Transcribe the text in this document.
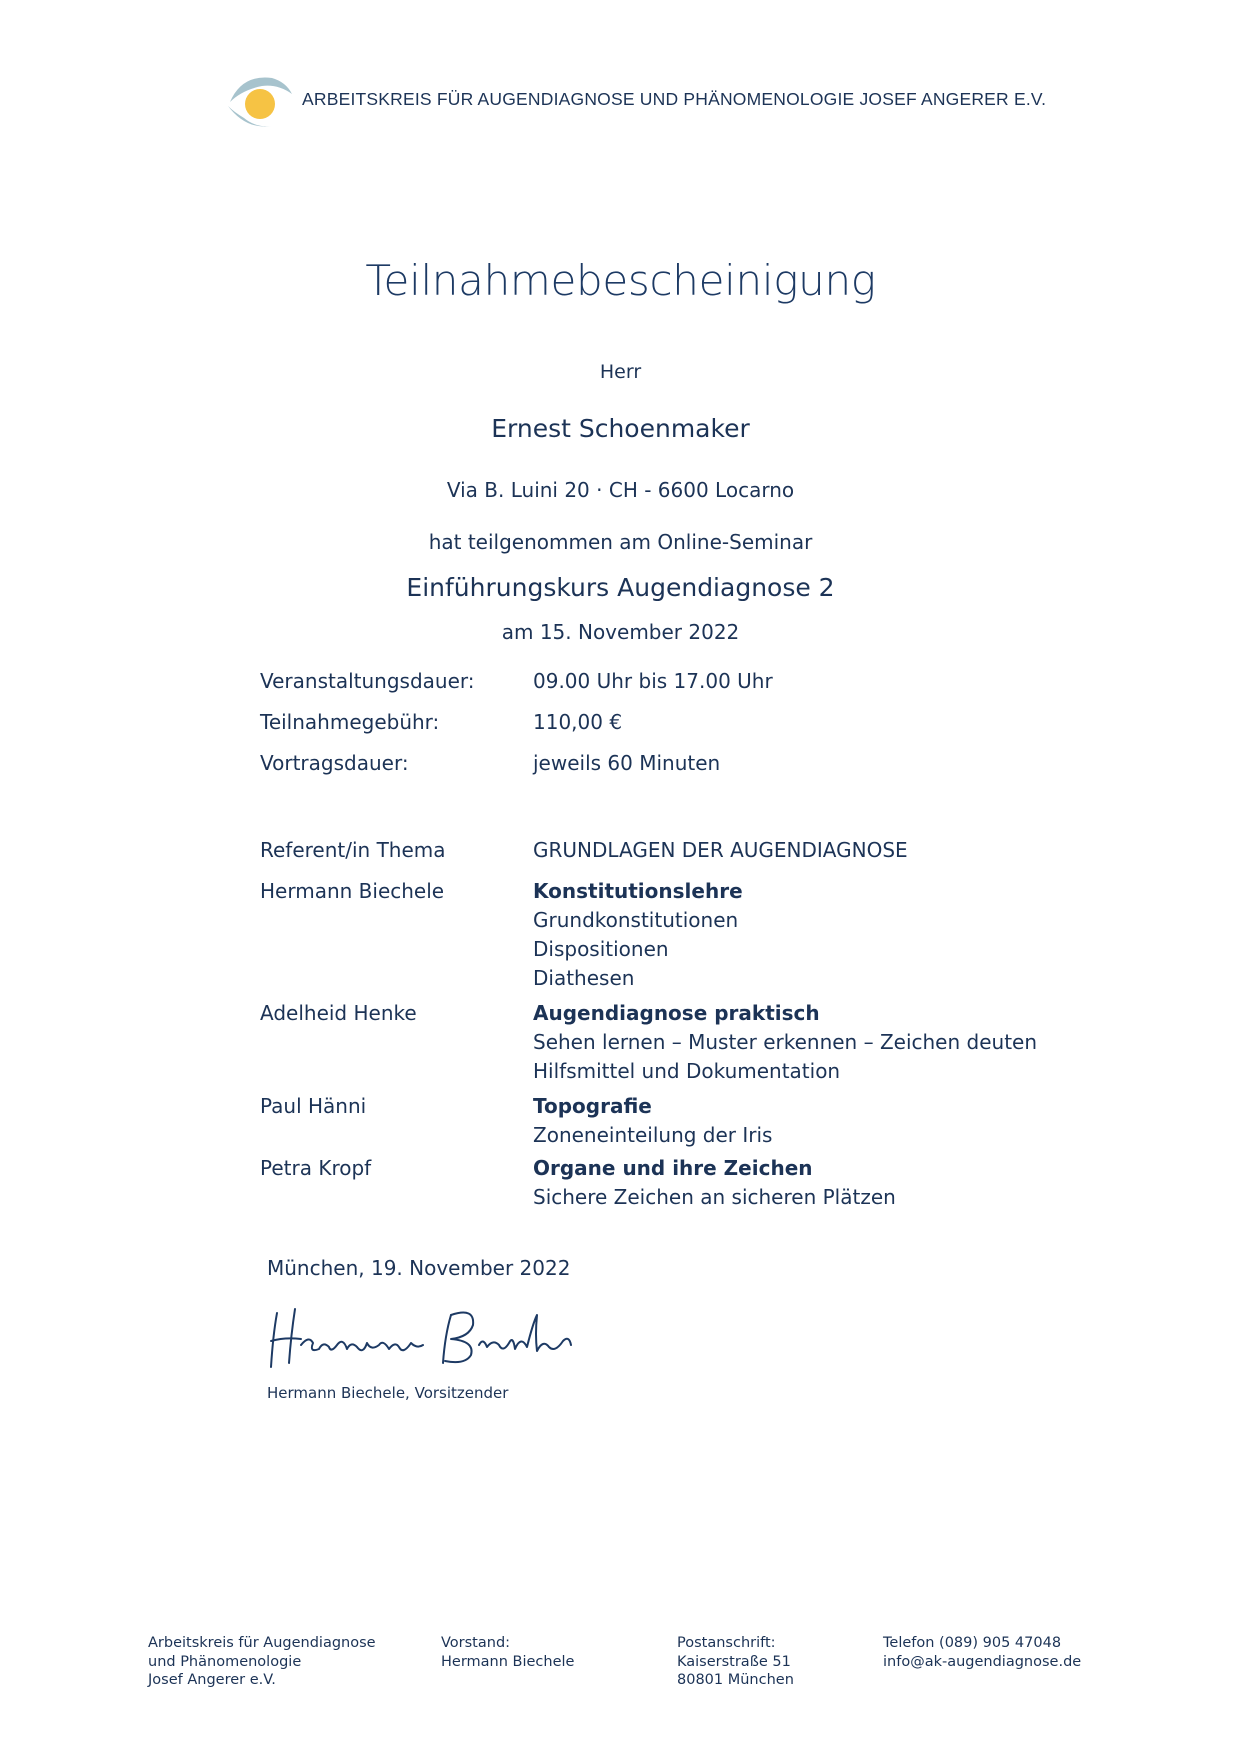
ARBEITSKREIS FÜR AUGENDIAGNOSE UND PHÄNOMENOLOGIE JOSEF ANGERER E.V.
Teilnahmebescheinigung
Herr
Ernest Schoenmaker
Via B. Luini 20 · CH - 6600 Locarno
hat teilgenommen am Online-Seminar
Einführungskurs Augendiagnose 2
am 15. November 2022
Veranstaltungsdauer:	09.00 Uhr bis 17.00 Uhr
Teilnahmegebühr:	110,00 €
Vortragsdauer:	jeweils 60 Minuten
Referent/in Thema	GRUNDLAGEN DER AUGENDIAGNOSE
Hermann Biechele	Konstitutionslehre
Grundkonstitutionen
Dispositionen
Diathesen
Adelheid Henke	Augendiagnose praktisch
Sehen lernen – Muster erkennen – Zeichen deuten
Hilfsmittel und Dokumentation
Paul Hänni	Topografie
Zoneneinteilung der Iris
Petra Kropf	Organe und ihre Zeichen
Sichere Zeichen an sicheren Plätzen
München, 19. November 2022
Hermann Biechele, Vorsitzender
Arbeitskreis für Augendiagnose
und Phänomenologie
Josef Angerer e.V.
Vorstand:
Hermann Biechele
Postanschrift:
Kaiserstraße 51
80801 München
Telefon (089) 905 47048
info@ak-augendiagnose.de
